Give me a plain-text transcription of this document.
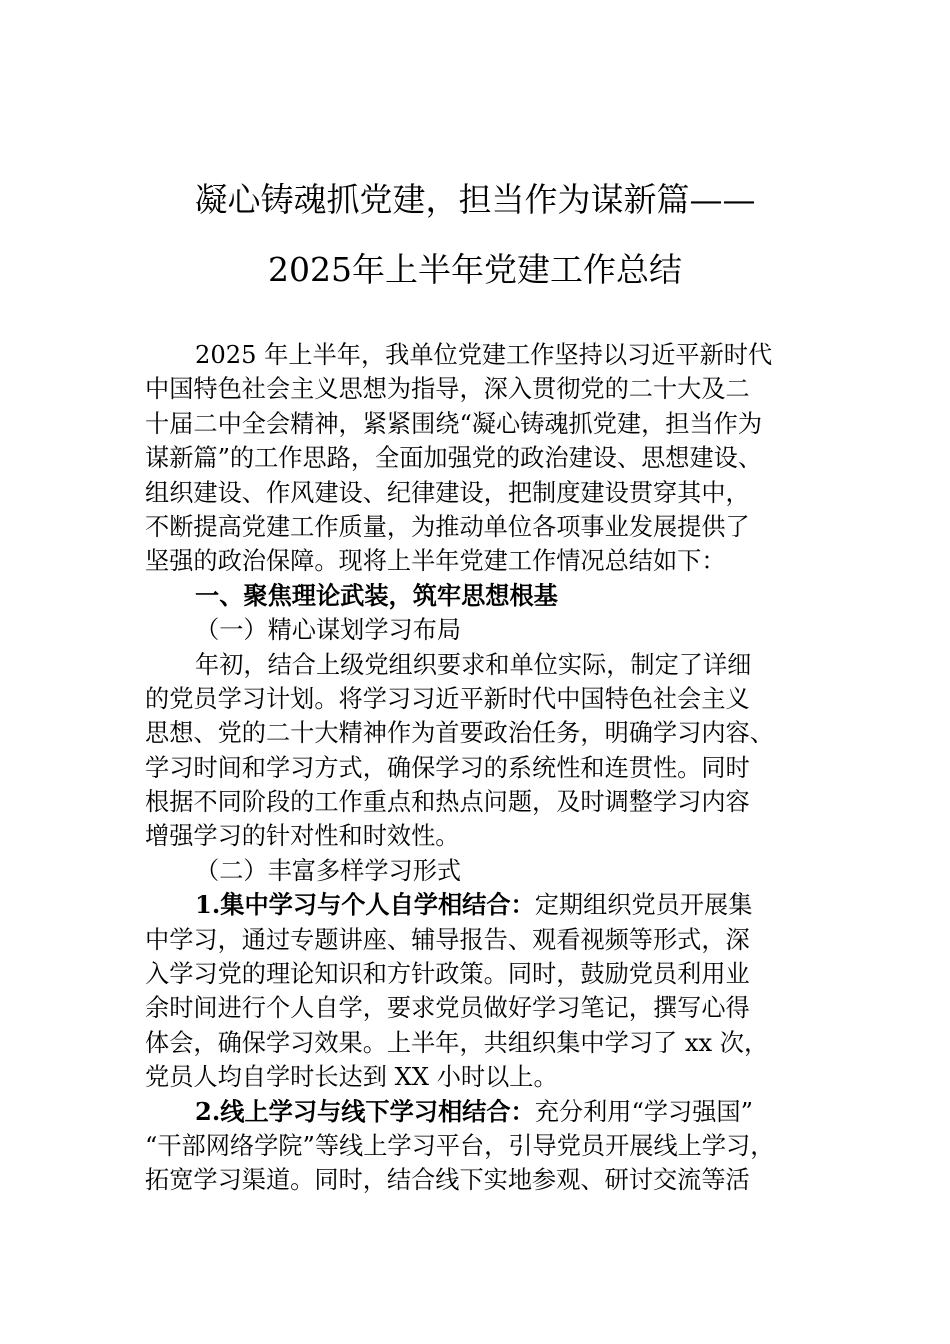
凝心铸魂抓党建，担当作为谋新篇——
2025年上半年党建工作总结
2025 年上半年，我单位党建工作坚持以习近平新时代
中国特色社会主义思想为指导，深入贯彻党的二十大及二
十届二中全会精神，紧紧围绕“凝心铸魂抓党建，担当作为
谋新篇”的工作思路，全面加强党的政治建设、思想建设、
组织建设、作风建设、纪律建设，把制度建设贯穿其中，
不断提高党建工作质量，为推动单位各项事业发展提供了
坚强的政治保障。现将上半年党建工作情况总结如下：
一、聚焦理论武装，筑牢思想根基
（一）精心谋划学习布局
年初，结合上级党组织要求和单位实际，制定了详细
的党员学习计划。将学习习近平新时代中国特色社会主义
思想、党的二十大精神作为首要政治任务，明确学习内容、
学习时间和学习方式，确保学习的系统性和连贯性。同时
根据不同阶段的工作重点和热点问题，及时调整学习内容
增强学习的针对性和时效性。
（二）丰富多样学习形式
1.集中学习与个人自学相结合：定期组织党员开展集
中学习，通过专题讲座、辅导报告、观看视频等形式，深
入学习党的理论知识和方针政策。同时，鼓励党员利用业
余时间进行个人自学，要求党员做好学习笔记，撰写心得
体会，确保学习效果。上半年，共组织集中学习了 xx 次，
党员人均自学时长达到 XX 小时以上。
2.线上学习与线下学习相结合：充分利用“学习强国”
“干部网络学院”等线上学习平台，引导党员开展线上学习，
拓宽学习渠道。同时，结合线下实地参观、研讨交流等活
